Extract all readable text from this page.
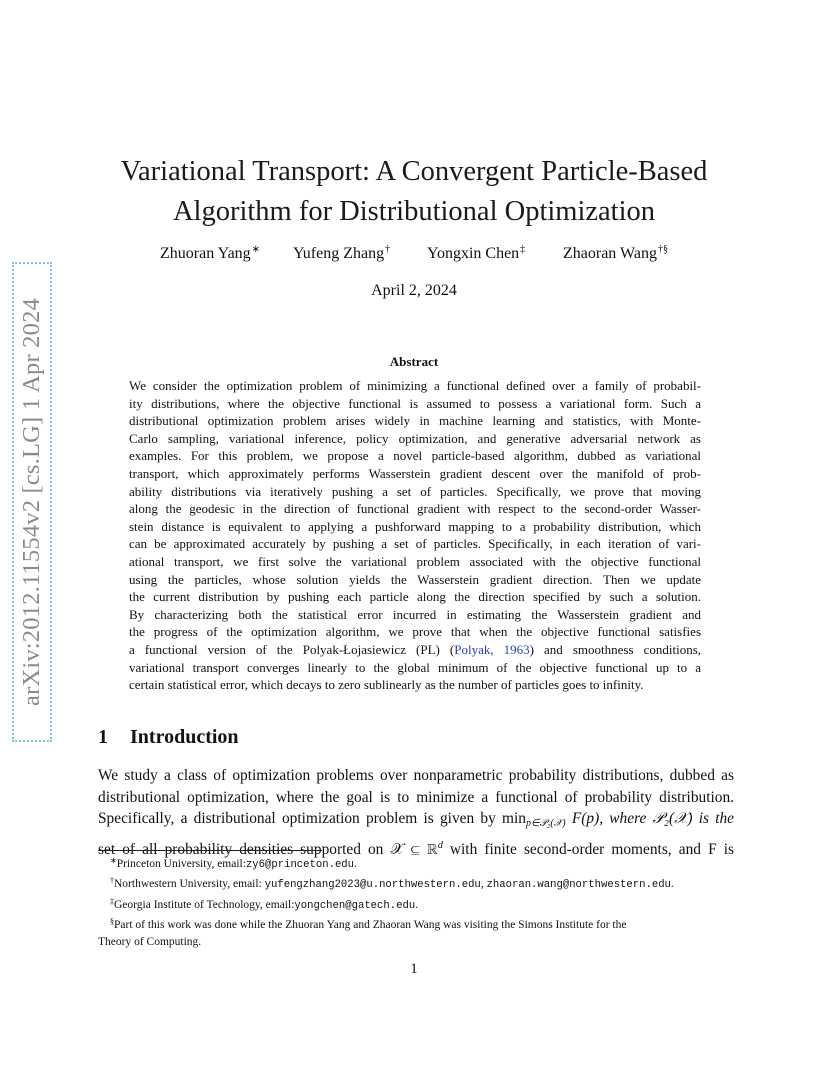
arXiv:2012.11554v2 [cs.LG] 1 Apr 2024
Variational Transport: A Convergent Particle-Based
Algorithm for Distributional Optimization
Zhuoran Yang∗ Yufeng Zhang† Yongxin Chen‡ Zhaoran Wang†§
April 2, 2024
Abstract
We consider the optimization problem of minimizing a functional defined over a family of probabil-
ity distributions, where the objective functional is assumed to possess a variational form. Such a
distributional optimization problem arises widely in machine learning and statistics, with Monte-
Carlo sampling, variational inference, policy optimization, and generative adversarial network as
examples. For this problem, we propose a novel particle-based algorithm, dubbed as variational
transport, which approximately performs Wasserstein gradient descent over the manifold of prob-
ability distributions via iteratively pushing a set of particles. Specifically, we prove that moving
along the geodesic in the direction of functional gradient with respect to the second-order Wasser-
stein distance is equivalent to applying a pushforward mapping to a probability distribution, which
can be approximated accurately by pushing a set of particles. Specifically, in each iteration of vari-
ational transport, we first solve the variational problem associated with the objective functional
using the particles, whose solution yields the Wasserstein gradient direction. Then we update
the current distribution by pushing each particle along the direction specified by such a solution.
By characterizing both the statistical error incurred in estimating the Wasserstein gradient and
the progress of the optimization algorithm, we prove that when the objective functional satisfies
a functional version of the Polyak-Łojasiewicz (PL) (Polyak, 1963) and smoothness conditions,
variational transport converges linearly to the global minimum of the objective functional up to a
certain statistical error, which decays to zero sublinearly as the number of particles goes to infinity.
1 Introduction
We study a class of optimization problems over nonparametric probability distributions, dubbed as
distributional optimization, where the goal is to minimize a functional of probability distribution.
Specifically, a distributional optimization problem is given by $\min_{p\in 𝒫_2(𝒳)} F(p)$, where 𝒫₂(𝒳) is the
set of all probability densities supported on 𝒳 ⊆ ℝ$^d$ with finite second-order moments, and F is
∗Princeton University, email:zy6@princeton.edu.
†Northwestern University, email: yufengzhang2023@u.northwestern.edu, zhaoran.wang@northwestern.edu.
‡Georgia Institute of Technology, email:yongchen@gatech.edu.
§Part of this work was done while the Zhuoran Yang and Zhaoran Wang was visiting the Simons Institute for the
Theory of Computing.
1
